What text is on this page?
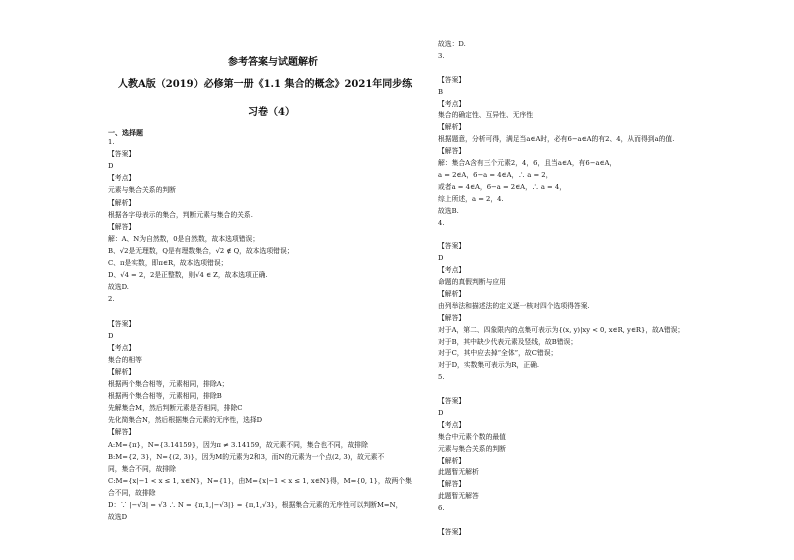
参考答案与试题解析
人教A版（2019）必修第一册《1.1 集合的概念》2021年同步练
习卷（4）
一、选择题
1.
【答案】
D
【考点】
元素与集合关系的判断
【解析】
根据各字母表示的集合，判断元素与集合的关系.
【解答】
解：A、N为自然数，0是自然数，故本选项错误；
B、√2是无理数，Q是有理数集合，√2 ∉ Q，故本选项错误；
C、π是实数，即π∈R，故本选项错误；
D、√4 = 2，2是正整数，则√4 ∈ Z，故本选项正确.
故选D.
2.
【答案】
D
【考点】
集合的相等
【解析】
根据两个集合相等，元素相同，排除A；
根据两个集合相等，元素相同，排除B
先解集合M，然后判断元素是否相同，排除C
先化简集合N，然后根据集合元素的无序性，选择D
【解答】
A:M={π}，N={3.14159}，因为π ≠ 3.14159，故元素不同，集合也不同，故排除
B:M={2, 3}，N={(2, 3)}，因为M的元素为2和3，而N的元素为一个点(2, 3)，故元素不
同，集合不同，故排除
C:M={x|−1 < x ≤ 1, x∈N}，N={1}，由M={x|−1 < x ≤ 1, x∈N}得，M={0, 1}，故两个集
合不同，故排除
D：∵ |−√3| = √3 ∴ N = {π,1,|−√3|} = {π,1,√3}，根据集合元素的无序性可以判断M=N，
故选D
故选：D.
3.
【答案】
B
【考点】
集合的确定性、互异性、无序性
【解析】
根据题意，分析可得，满足当a∈A时，必有6−a∈A的有2、4，从而得到a的值.
【解答】
解：集合A含有三个元素2，4，6，且当a∈A，有6−a∈A，
a = 2∈A，6−a = 4∈A，∴ a = 2，
或者a = 4∈A，6−a = 2∈A，∴ a = 4，
综上所述，a = 2，4.
故选B.
4.
【答案】
D
【考点】
命题的真假判断与应用
【解析】
由列举法和描述法的定义逐一核对四个选项得答案.
【解答】
对于A，第二、四象限内的点集可表示为{(x, y)|xy < 0, x∈R, y∈R}，故A错误；
对于B，其中缺少代表元素及竖线，故B错误；
对于C，其中应去掉“全体”，故C错误；
对于D，实数集可表示为R，正确.
5.
【答案】
D
【考点】
集合中元素个数的最值
元素与集合关系的判断
【解析】
此题暂无解析
【解答】
此题暂无解答
6.
【答案】
